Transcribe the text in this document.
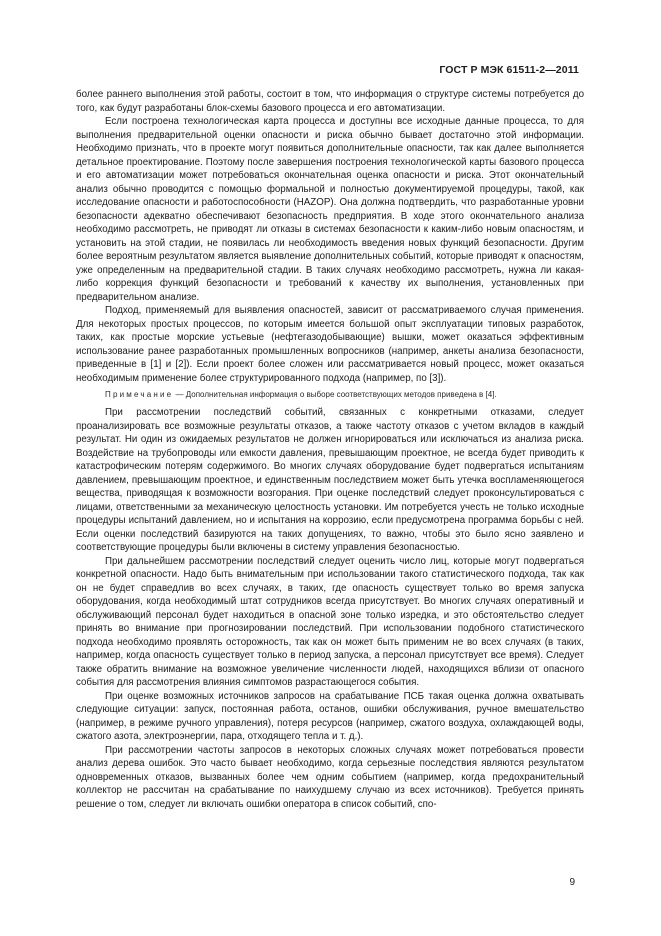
ГОСТ Р МЭК 61511-2—2011

более раннего выполнения этой работы, состоит в том, что информация о структуре системы потребуется до того, как будут разработаны блок-схемы базового процесса и его автоматизации.

Если построена технологическая карта процесса и доступны все исходные данные процесса, то для выполнения предварительной оценки опасности и риска обычно бывает достаточно этой информации. Необходимо признать, что в проекте могут появиться дополнительные опасности, так как далее выполняется детальное проектирование. Поэтому после завершения построения технологической карты базового процесса и его автоматизации может потребоваться окончательная оценка опасности и риска. Этот окончательный анализ обычно проводится с помощью формальной и полностью документируемой процедуры, такой, как исследование опасности и работоспособности (HAZOP). Она должна подтвердить, что разработанные уровни безопасности адекватно обеспечивают безопасность предприятия. В ходе этого окончательного анализа необходимо рассмотреть, не приводят ли отказы в системах безопасности к каким-либо новым опасностям, и установить на этой стадии, не появилась ли необходимость введения новых функций безопасности. Другим более вероятным результатом является выявление дополнительных событий, которые приводят к опасностям, уже определенным на предварительной стадии. В таких случаях необходимо рассмотреть, нужна ли какая-либо коррекция функций безопасности и требований к качеству их выполнения, установленных при предварительном анализе.

Подход, применяемый для выявления опасностей, зависит от рассматриваемого случая применения. Для некоторых простых процессов, по которым имеется большой опыт эксплуатации типовых разработок, таких, как простые морские устьевые (нефтегазодобывающие) вышки, может оказаться эффективным использование ранее разработанных промышленных вопросников (например, анкеты анализа безопасности, приведенные в [1] и [2]). Если проект более сложен или рассматривается новый процесс, может оказаться необходимым применение более структурированного подхода (например, по [3]).

Примечание — Дополнительная информация о выборе соответствующих методов приведена в [4].

При рассмотрении последствий событий, связанных с конкретными отказами, следует проанализировать все возможные результаты отказов, а также частоту отказов с учетом вкладов в каждый результат. Ни один из ожидаемых результатов не должен игнорироваться или исключаться из анализа риска. Воздействие на трубопроводы или емкости давления, превышающим проектное, не всегда будет приводить к катастрофическим потерям содержимого. Во многих случаях оборудование будет подвергаться испытаниям давлением, превышающим проектное, и единственным последствием может быть утечка воспламеняющегося вещества, приводящая к возможности возгорания. При оценке последствий следует проконсультироваться с лицами, ответственными за механическую целостность установки. Им потребуется учесть не только исходные процедуры испытаний давлением, но и испытания на коррозию, если предусмотрена программа борьбы с ней. Если оценки последствий базируются на таких допущениях, то важно, чтобы это было ясно заявлено и соответствующие процедуры были включены в систему управления безопасностью.

При дальнейшем рассмотрении последствий следует оценить число лиц, которые могут подвергаться конкретной опасности. Надо быть внимательным при использовании такого статистического подхода, так как он не будет справедлив во всех случаях, в таких, где опасность существует только во время запуска оборудования, когда необходимый штат сотрудников всегда присутствует. Во многих случаях оперативный и обслуживающий персонал будет находиться в опасной зоне только изредка, и это обстоятельство следует принять во внимание при прогнозировании последствий. При использовании подобного статистического подхода необходимо проявлять осторожность, так как он может быть применим не во всех случаях (в таких, например, когда опасность существует только в период запуска, а персонал присутствует все время). Следует также обратить внимание на возможное увеличение численности людей, находящихся вблизи от опасного события для рассмотрения влияния симптомов разрастающегося события.

При оценке возможных источников запросов на срабатывание ПСБ такая оценка должна охватывать следующие ситуации: запуск, постоянная работа, останов, ошибки обслуживания, ручное вмешательство (например, в режиме ручного управления), потеря ресурсов (например, сжатого воздуха, охлаждающей воды, сжатого азота, электроэнергии, пара, отходящего тепла и т. д.).

При рассмотрении частоты запросов в некоторых сложных случаях может потребоваться провести анализ дерева ошибок. Это часто бывает необходимо, когда серьезные последствия являются результатом одновременных отказов, вызванных более чем одним событием (например, когда предохранительный коллектор не рассчитан на срабатывание по наихудшему случаю из всех источников). Требуется принять решение о том, следует ли включать ошибки оператора в список событий, спо-

9
